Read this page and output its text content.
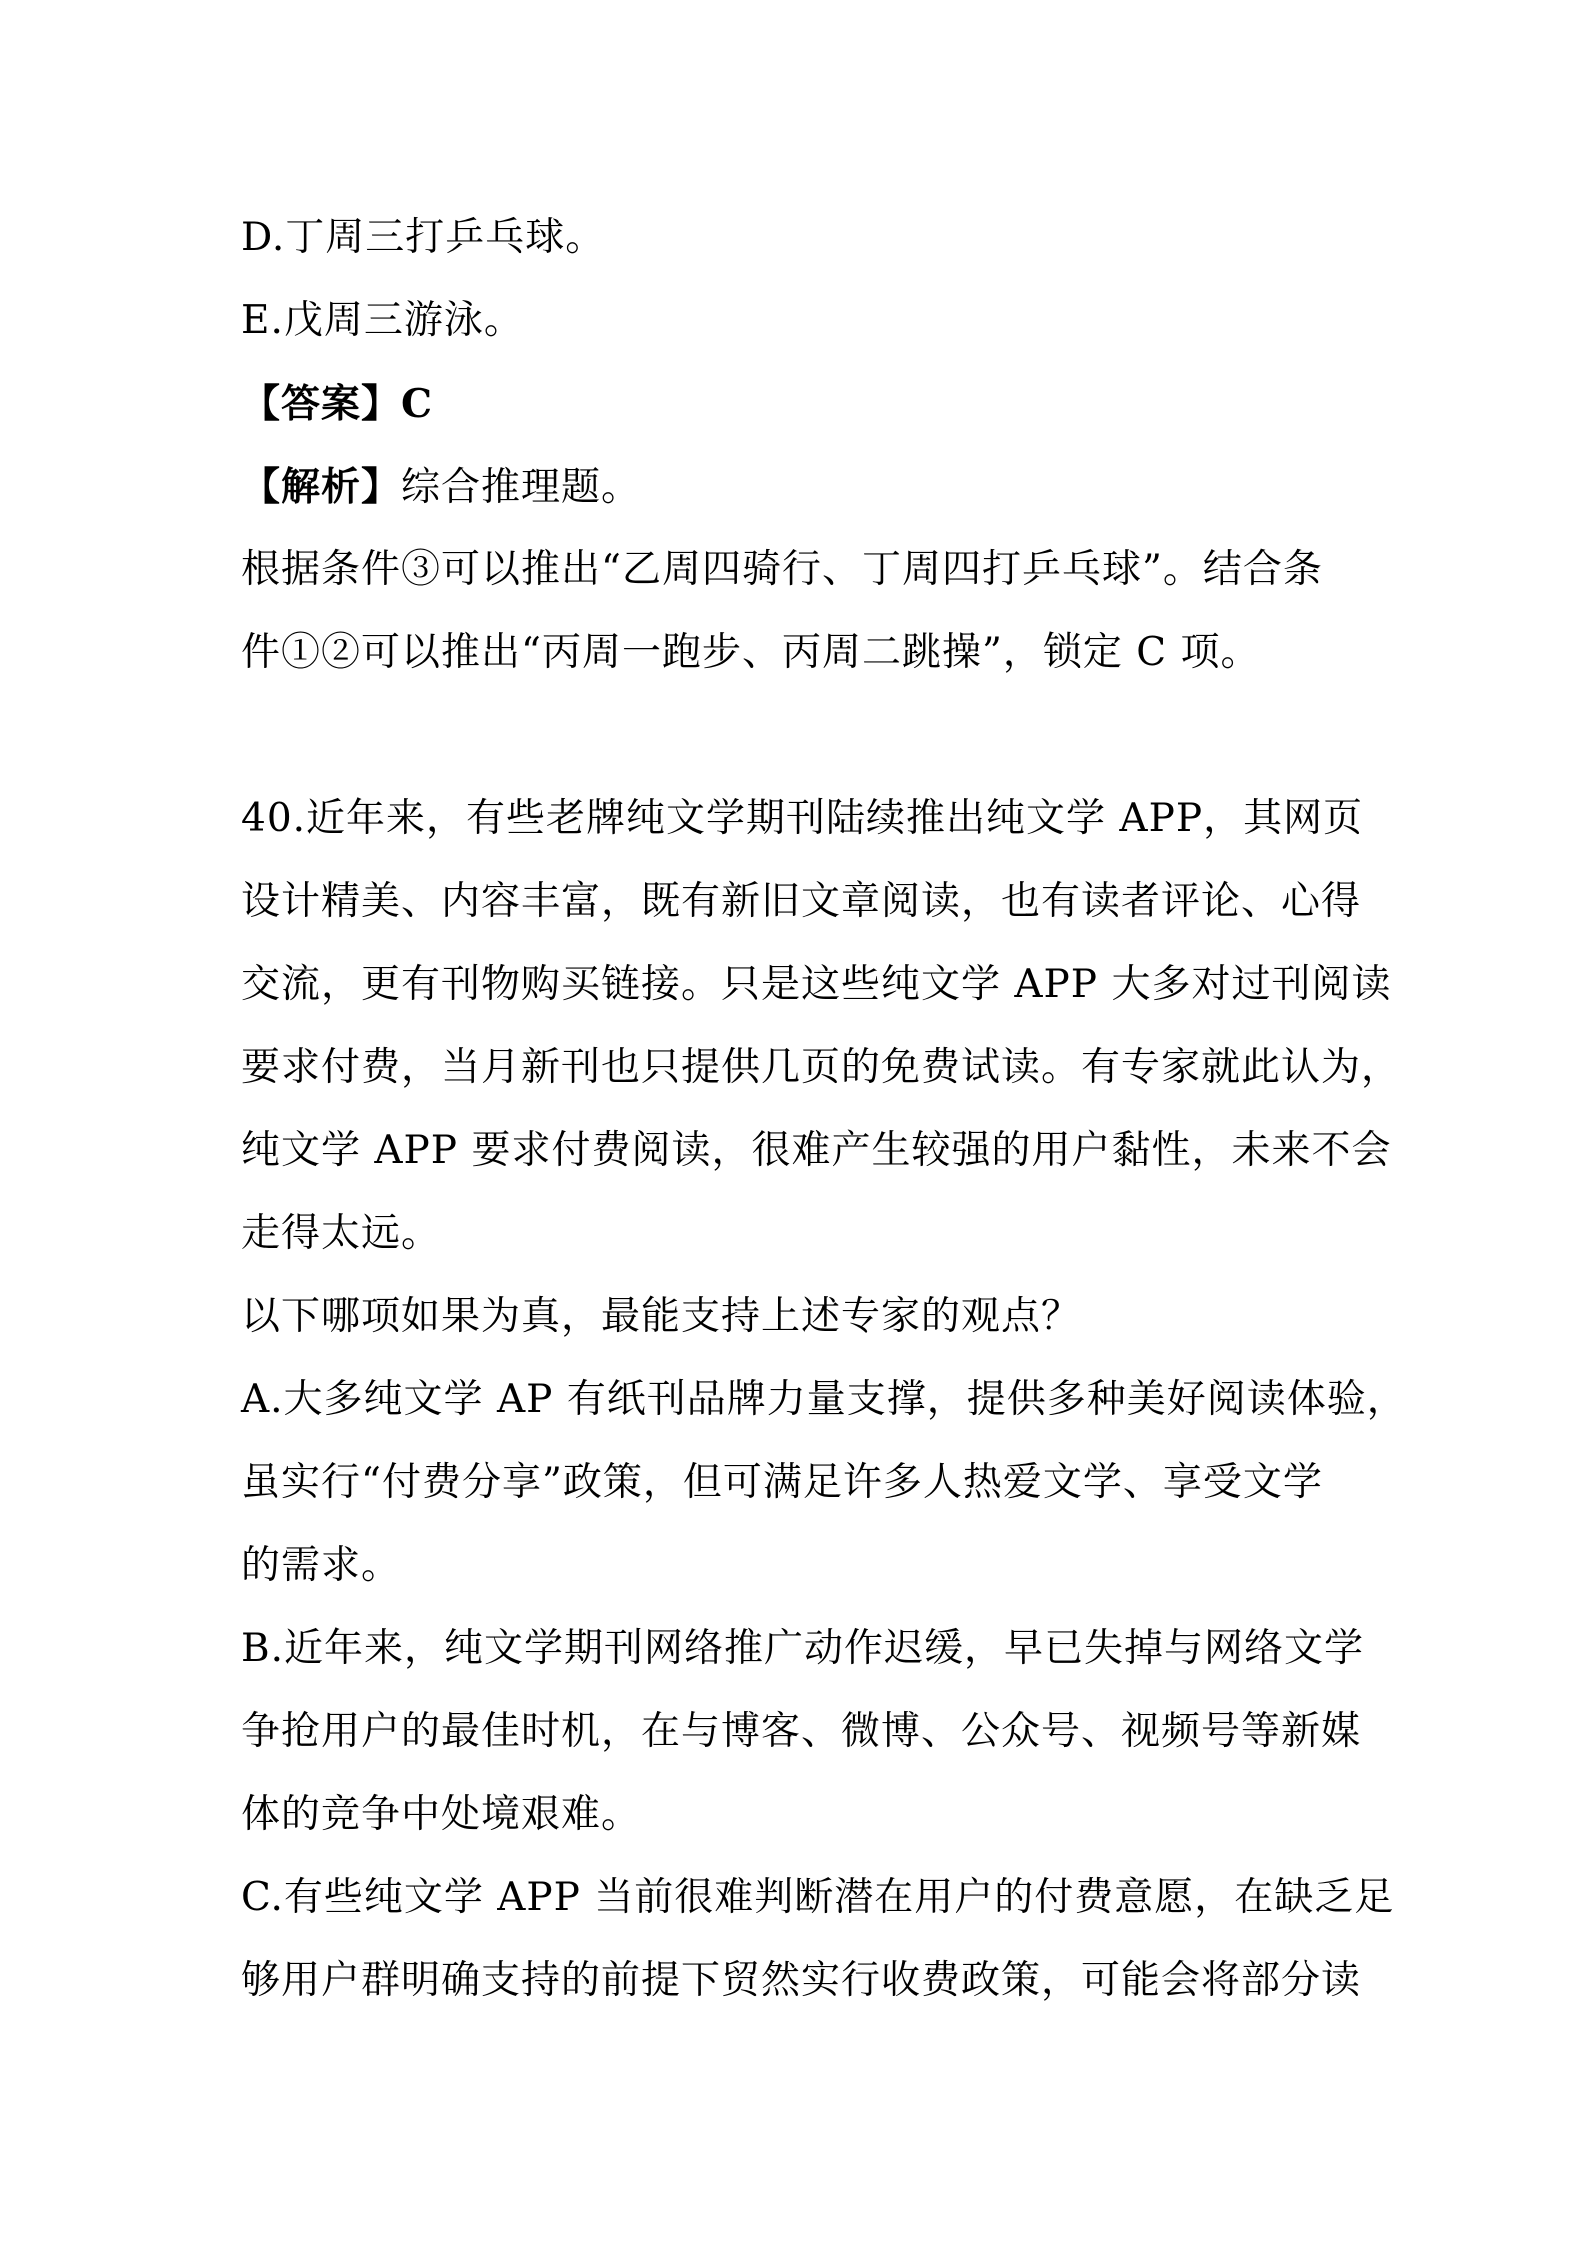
D.丁周三打乒乓球。
E.戊周三游泳。
【答案】C
【解析】综合推理题。
根据条件③可以推出“乙周四骑行、丁周四打乒乓球”。结合条
件①②可以推出“丙周一跑步、丙周二跳操”，锁定 C 项。
40.近年来，有些老牌纯文学期刊陆续推出纯文学 APP，其网页
设计精美、内容丰富，既有新旧文章阅读，也有读者评论、心得
交流，更有刊物购买链接。只是这些纯文学 APP 大多对过刊阅读
要求付费，当月新刊也只提供几页的免费试读。有专家就此认为，
纯文学 APP 要求付费阅读，很难产生较强的用户黏性，未来不会
走得太远。
以下哪项如果为真，最能支持上述专家的观点？
A.大多纯文学 AP 有纸刊品牌力量支撑，提供多种美好阅读体验，
虽实行“付费分享”政策，但可满足许多人热爱文学、享受文学
的需求。
B.近年来，纯文学期刊网络推广动作迟缓，早已失掉与网络文学
争抢用户的最佳时机，在与博客、微博、公众号、视频号等新媒
体的竞争中处境艰难。
C.有些纯文学 APP 当前很难判断潜在用户的付费意愿，在缺乏足
够用户群明确支持的前提下贸然实行收费政策，可能会将部分读
